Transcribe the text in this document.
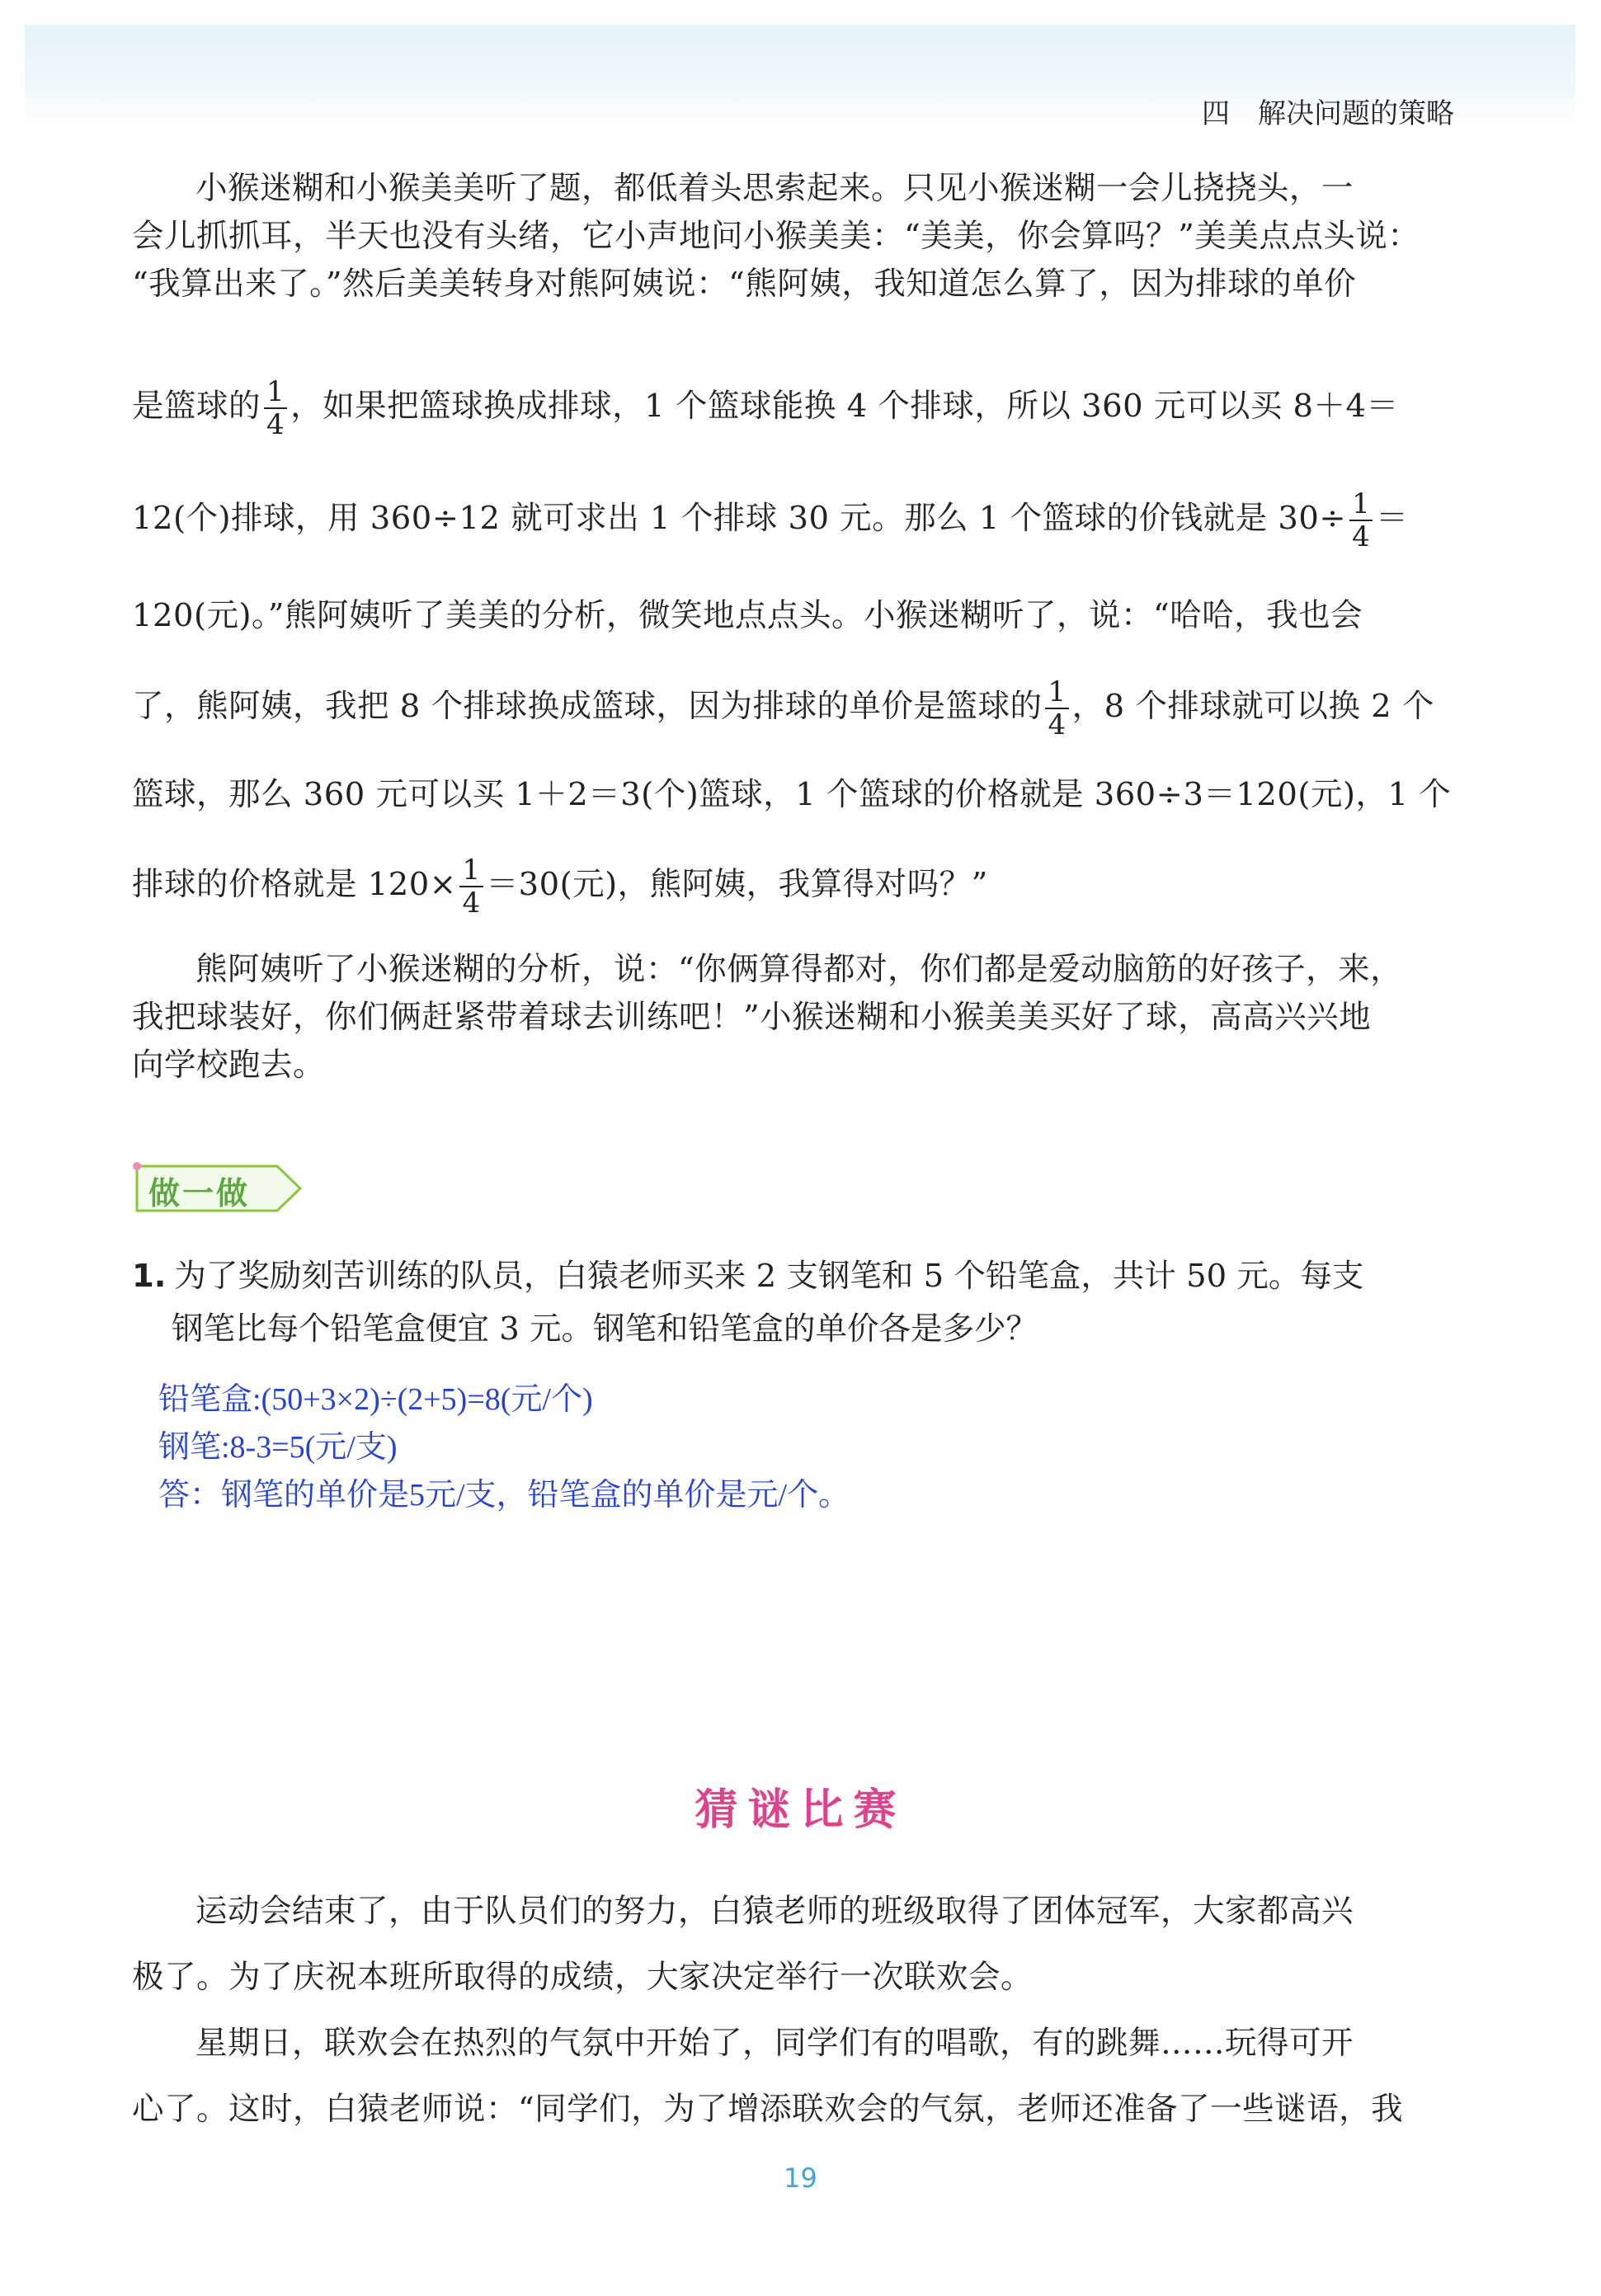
四　解决问题的策略
小猴迷糊和小猴美美听了题，都低着头思索起来。只见小猴迷糊一会儿挠挠头，一
会儿抓抓耳，半天也没有头绪，它小声地问小猴美美：“美美，你会算吗？”美美点点头说：
“我算出来了。”然后美美转身对熊阿姨说：“熊阿姨，我知道怎么算了，因为排球的单价
是篮球的 $\frac{1}{4}$ ，如果把篮球换成排球，1 个篮球能换 4 个排球，所以 360 元可以买 8＋4＝
12(个)排球，用 360÷12 就可求出 1 个排球 30 元。那么 1 个篮球的价钱就是 $30\div \frac{1}{4}$ ＝
120(元)。”熊阿姨听了美美的分析，微笑地点点头。小猴迷糊听了，说：“哈哈，我也会
了，熊阿姨，我把 8 个排球换成篮球，因为排球的单价是篮球的 $\frac{1}{4}$ ，8 个排球就可以换 2 个
篮球，那么 360 元可以买 1＋2＝3(个)篮球，1 个篮球的价格就是 360÷3＝120(元)，1 个
排球的价格就是 $120\times \frac{1}{4} =30$(元)，熊阿姨，我算得对吗？”
熊阿姨听了小猴迷糊的分析，说：“你俩算得都对，你们都是爱动脑筋的好孩子，来，
我把球装好，你们俩赶紧带着球去训练吧！”小猴迷糊和小猴美美买好了球，高高兴兴地
向学校跑去。
做一做
1. 为了奖励刻苦训练的队员，白猿老师买来 2 支钢笔和 5 个铅笔盒，共计 50 元。每支
钢笔比每个铅笔盒便宜 3 元。钢笔和铅笔盒的单价各是多少？
铅笔盒:(50+3×2)÷(2+5)=8(元/个)
钢笔:8-3=5(元/支)
答：钢笔的单价是5元/支，铅笔盒的单价是元/个。
猜谜比赛
运动会结束了，由于队员们的努力，白猿老师的班级取得了团体冠军，大家都高兴
极了。为了庆祝本班所取得的成绩，大家决定举行一次联欢会。
星期日，联欢会在热烈的气氛中开始了，同学们有的唱歌，有的跳舞……玩得可开
心了。这时，白猿老师说：“同学们，为了增添联欢会的气氛，老师还准备了一些谜语，我
19
